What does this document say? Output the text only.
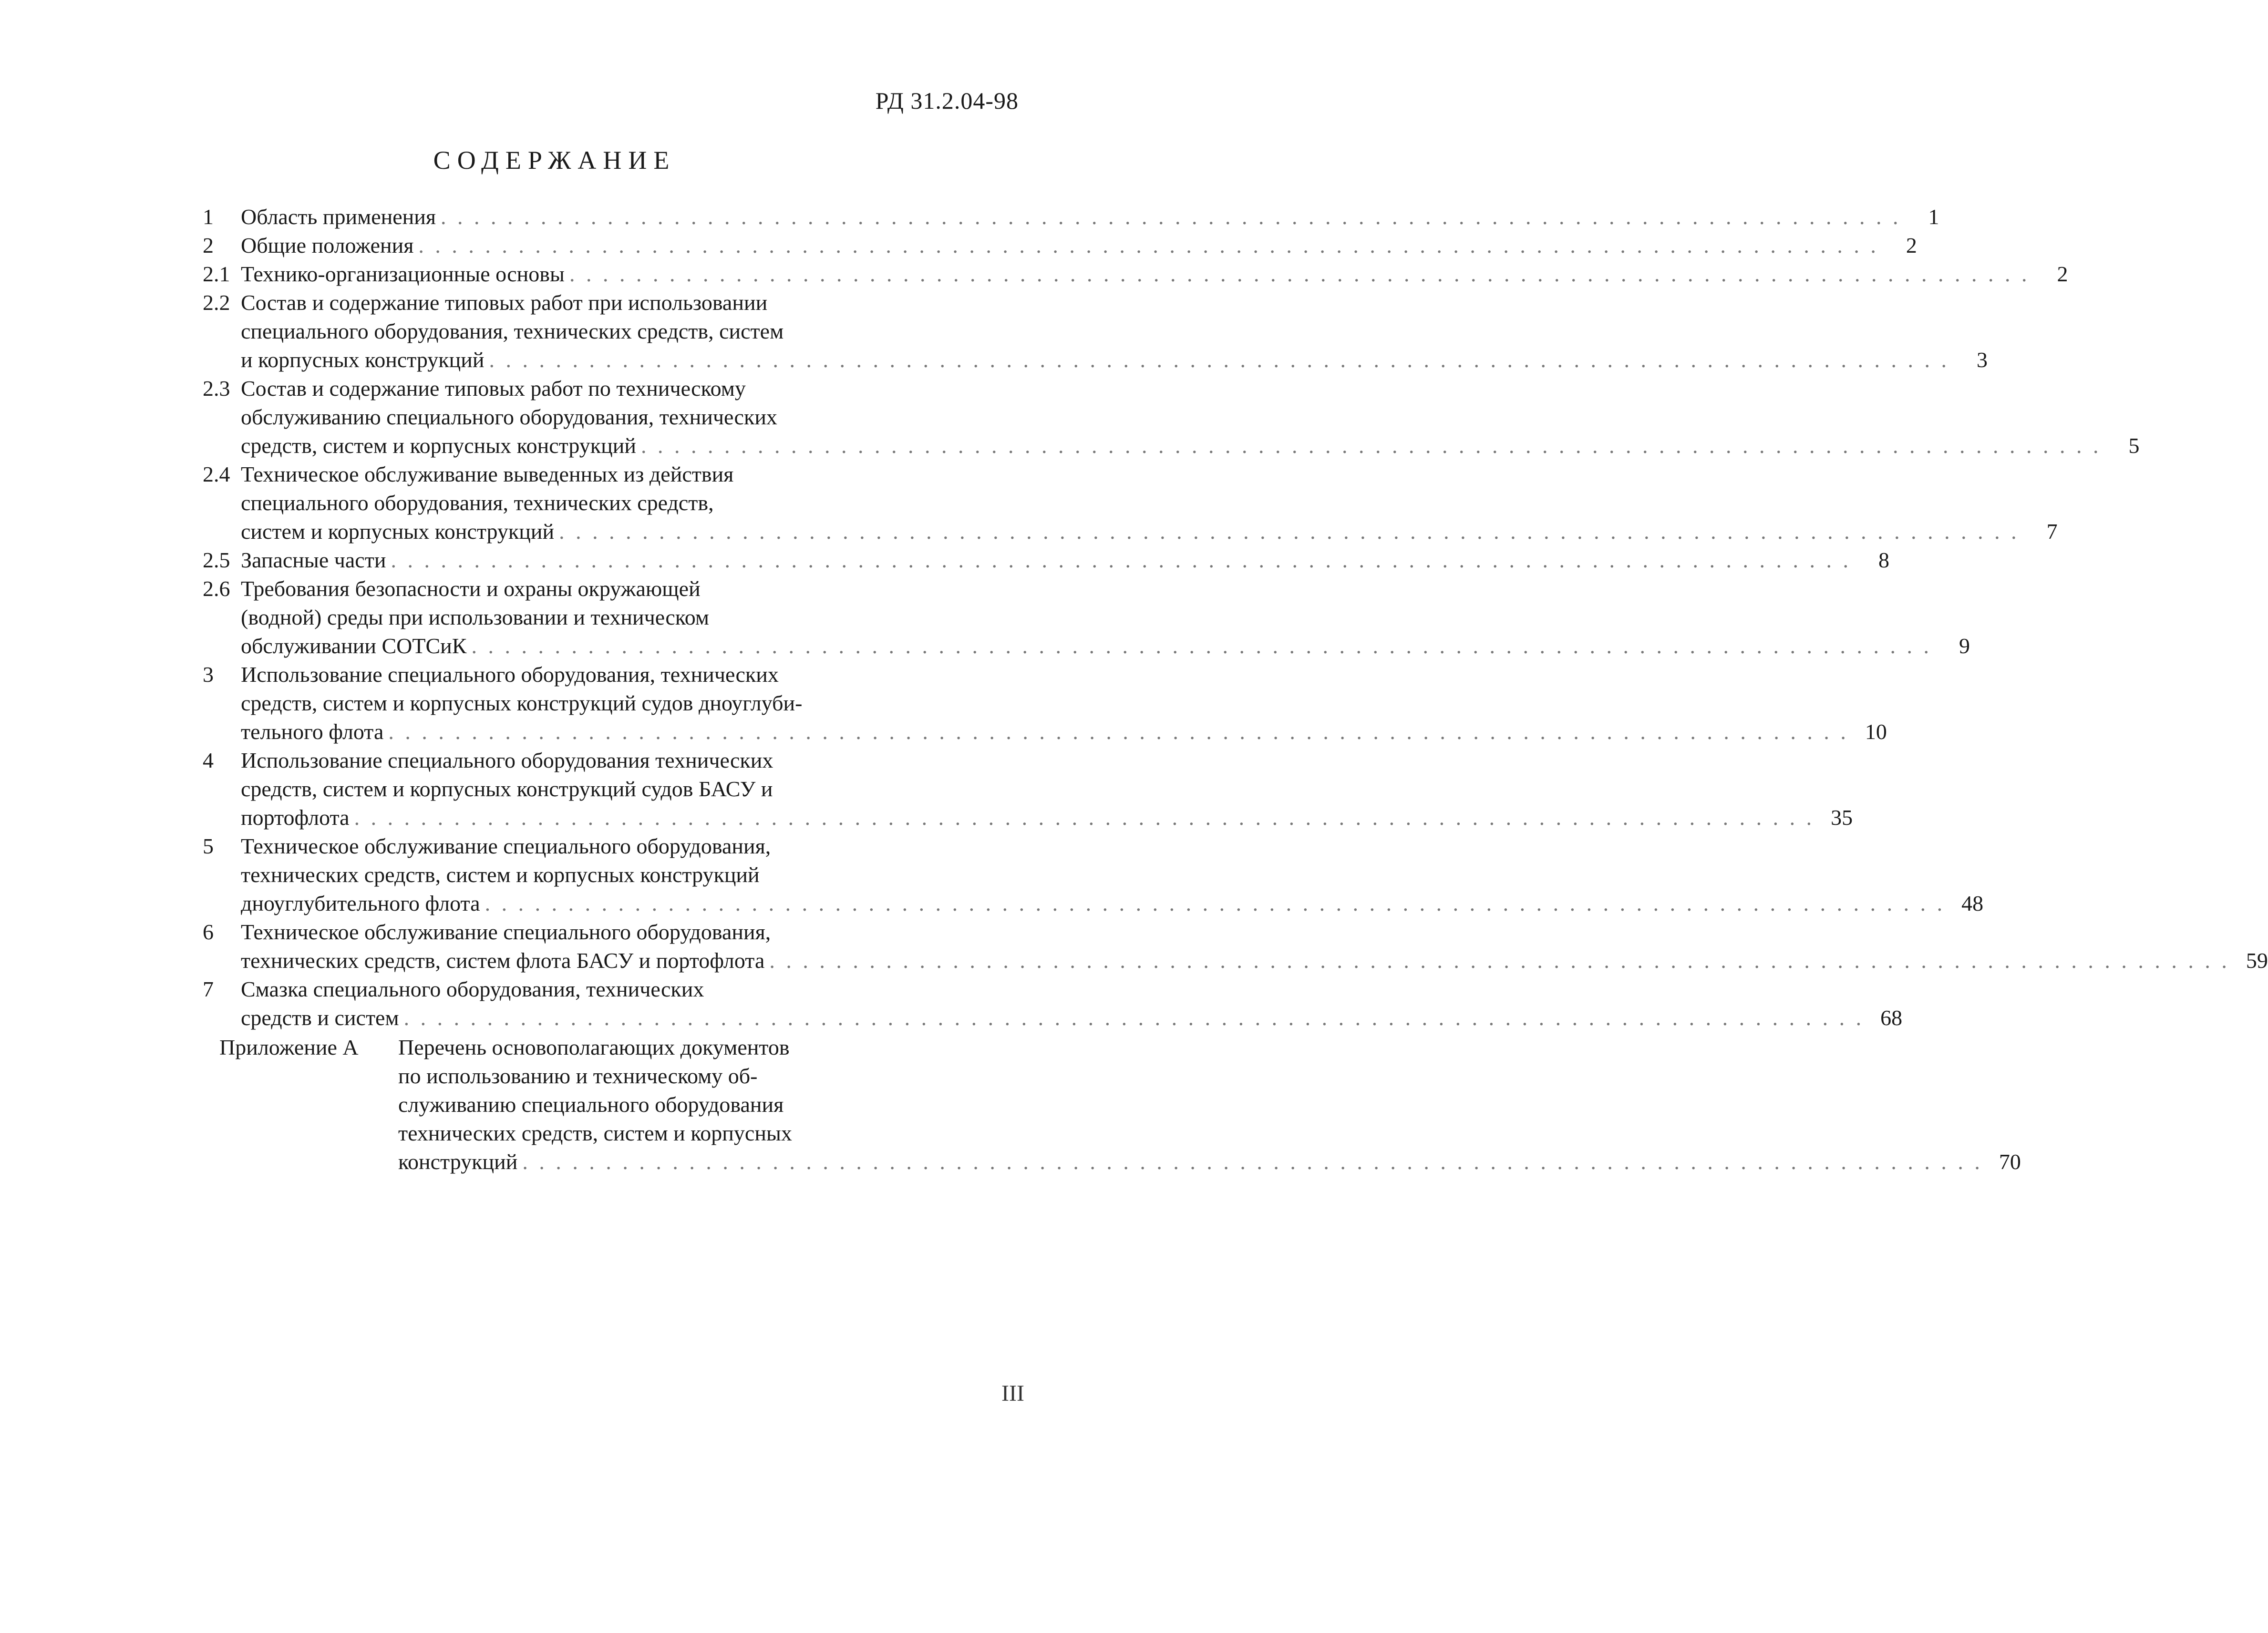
РД 31.2.04-98
СОДЕРЖАНИЕ
1	Область применения . . .	1
2	Общие положения . . .	2
2.1 Технико-организационные основы . . .	2
2.2 Состав и содержание типовых работ при использовании
специального оборудования, технических средств, систем
и корпусных конструкций . . .	3
2.3 Состав и содержание типовых работ по техническому
обслуживанию специального оборудования, технических
средств, систем и корпусных конструкций . . .	5
2.4 Техническое обслуживание выведенных из действия
специального оборудования, технических средств,
систем и корпусных конструкций . . .	7
2.5 Запасные части . . .	8
2.6 Требования безопасности и охраны окружающей
(водной) среды при использовании и техническом
обслуживании СОТСиК . . .	9
3	Использование специального оборудования, технических
средств, систем и корпусных конструкций судов дноуглуби-
тельного флота . . .	10
4	Использование специального оборудования технических
средств, систем и корпусных конструкций судов БАСУ и
портофлота . . .	35
5	Техническое обслуживание специального оборудования,
технических средств, систем и корпусных конструкций
дноуглубительного флота . . .	48
6	Техническое обслуживание специального оборудования,
технических средств, систем флота БАСУ и портофлота . . .	59
7	Смазка специального оборудования, технических
средств и систем . . .	68
Приложение А	Перечень основополагающих документов
по использованию и техническому об-
служиванию специального оборудования
технических средств, систем и корпусных
конструкций . . .	70
III
